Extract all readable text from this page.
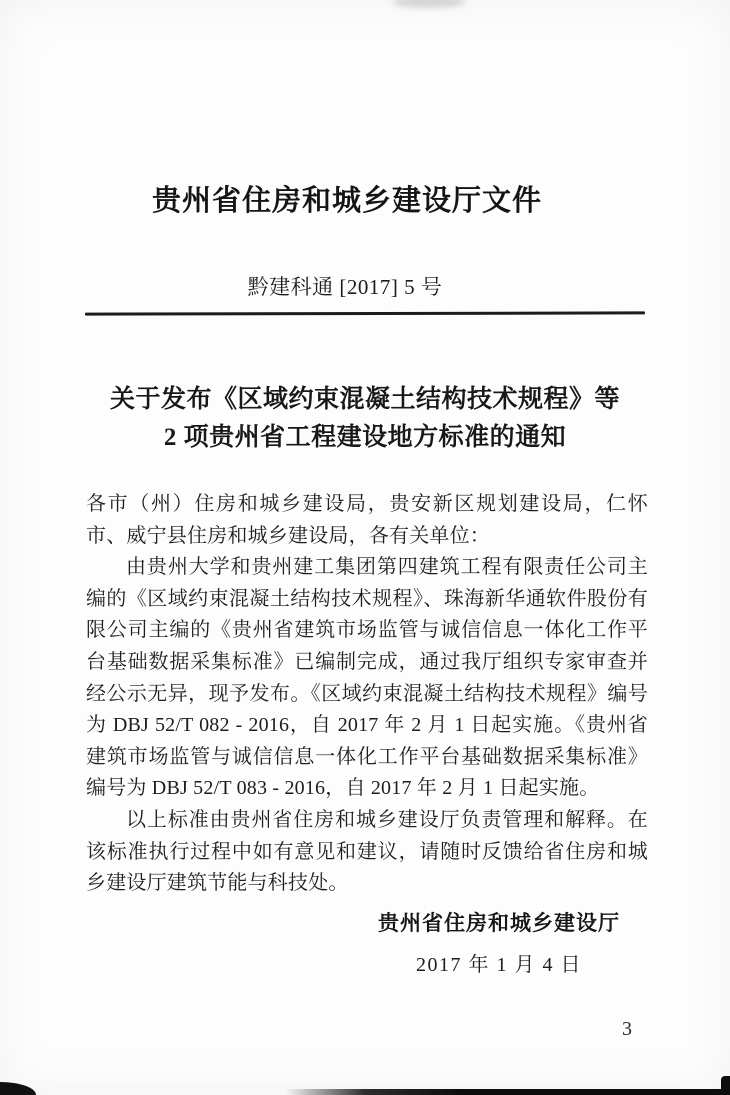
贵州省住房和城乡建设厅文件
黔建科通 [2017] 5 号
关于发布《区域约束混凝土结构技术规程》等
2 项贵州省工程建设地方标准的通知

各市（州）住房和城乡建设局，贵安新区规划建设局，仁怀市、威宁县住房和城乡建设局，各有关单位：

由贵州大学和贵州建工集团第四建筑工程有限责任公司主编的《区域约束混凝土结构技术规程》、珠海新华通软件股份有限公司主编的《贵州省建筑市场监管与诚信信息一体化工作平台基础数据采集标准》已编制完成，通过我厅组织专家审查并经公示无异，现予发布。《区域约束混凝土结构技术规程》编号为 DBJ 52/T 082 - 2016，自 2017 年 2 月 1 日起实施。《贵州省建筑市场监管与诚信信息一体化工作平台基础数据采集标准》编号为 DBJ 52/T 083 - 2016，自 2017 年 2 月 1 日起实施。

以上标准由贵州省住房和城乡建设厅负责管理和解释。在该标准执行过程中如有意见和建议，请随时反馈给省住房和城乡建设厅建筑节能与科技处。

贵州省住房和城乡建设厅
2017 年 1 月 4 日
3
